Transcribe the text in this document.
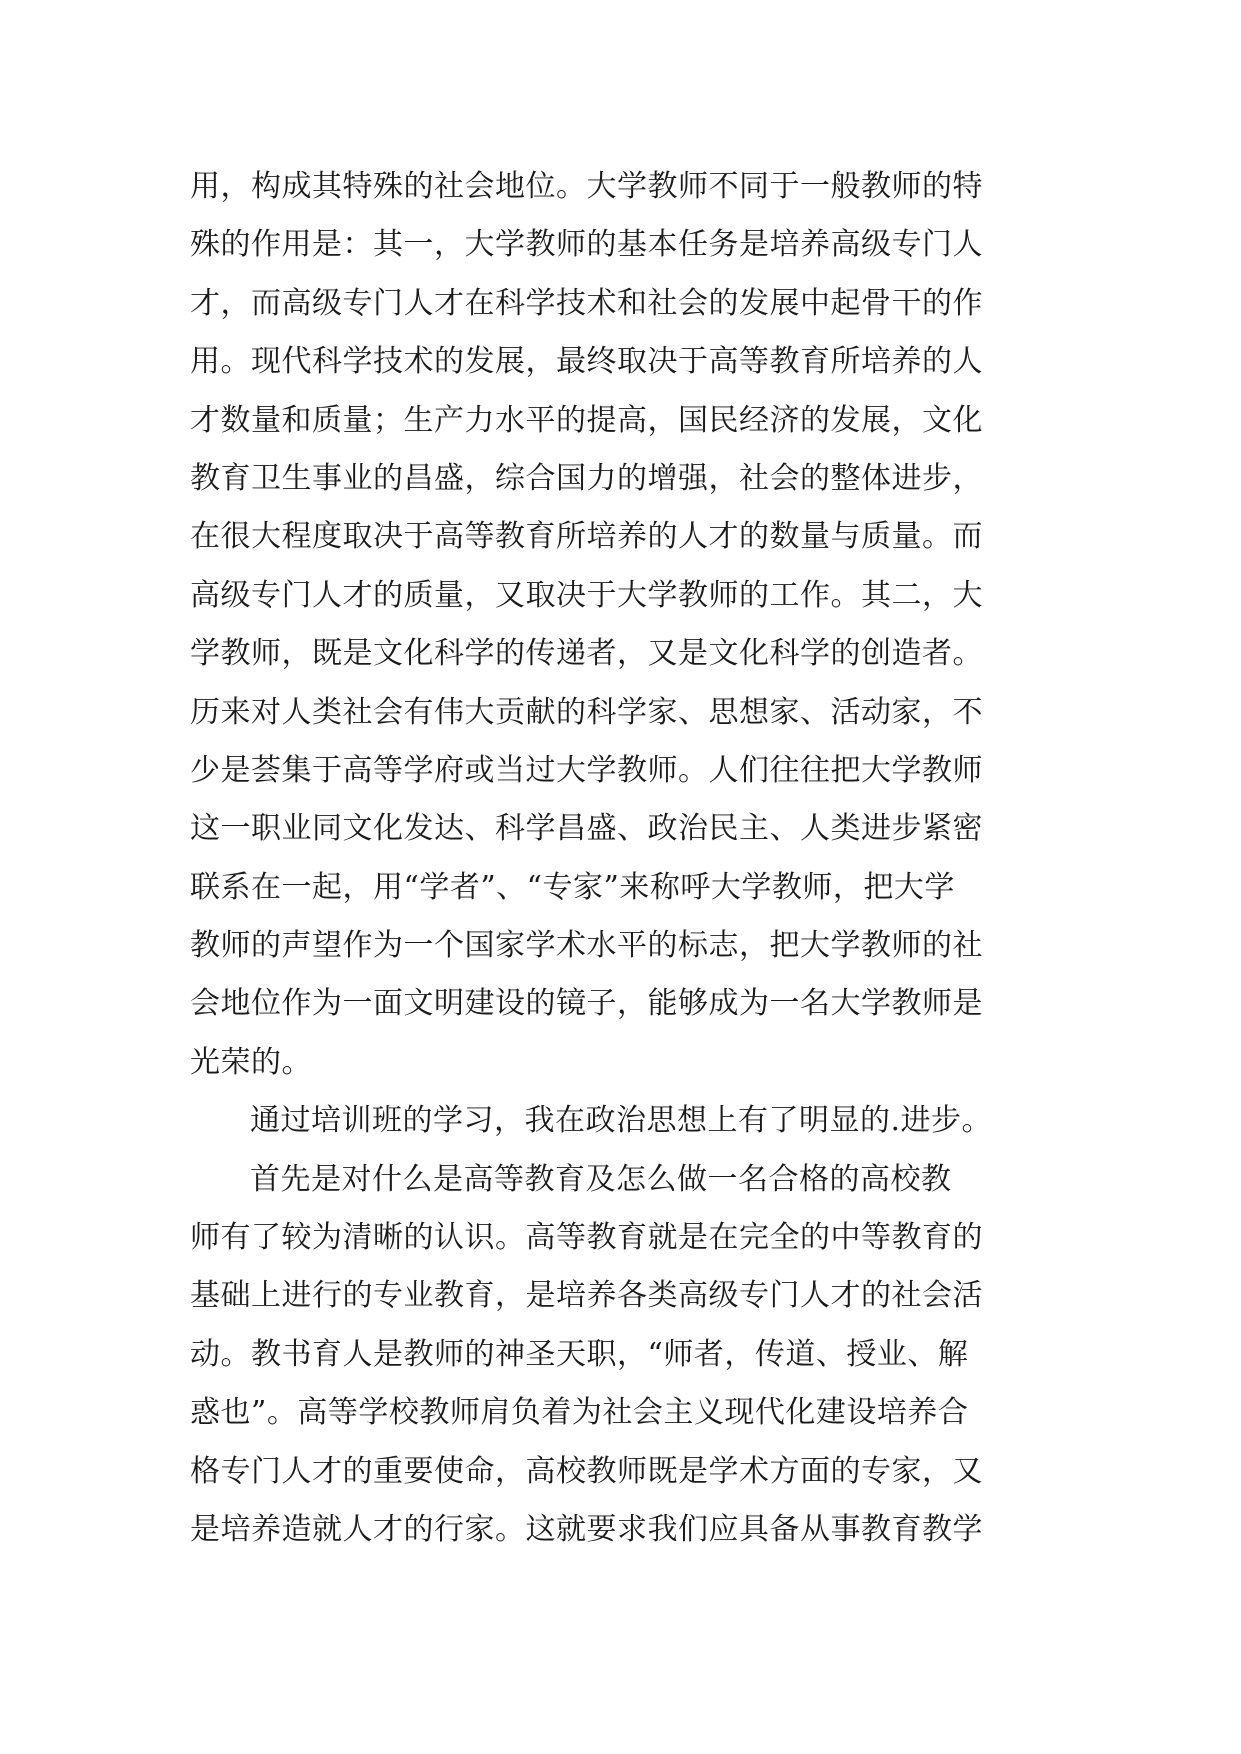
用，构成其特殊的社会地位。大学教师不同于一般教师的特
殊的作用是：其一，大学教师的基本任务是培养高级专门人
才，而高级专门人才在科学技术和社会的发展中起骨干的作
用。现代科学技术的发展，最终取决于高等教育所培养的人
才数量和质量；生产力水平的提高，国民经济的发展，文化
教育卫生事业的昌盛，综合国力的增强，社会的整体进步，
在很大程度取决于高等教育所培养的人才的数量与质量。而
高级专门人才的质量，又取决于大学教师的工作。其二，大
学教师，既是文化科学的传递者，又是文化科学的创造者。
历来对人类社会有伟大贡献的科学家、思想家、活动家，不
少是荟集于高等学府或当过大学教师。人们往往把大学教师
这一职业同文化发达、科学昌盛、政治民主、人类进步紧密
联系在一起，用“学者”、“专家”来称呼大学教师，把大学
教师的声望作为一个国家学术水平的标志，把大学教师的社
会地位作为一面文明建设的镜子，能够成为一名大学教师是
光荣的。
通过培训班的学习，我在政治思想上有了明显的.进步。
首先是对什么是高等教育及怎么做一名合格的高校教
师有了较为清晰的认识。高等教育就是在完全的中等教育的
基础上进行的专业教育，是培养各类高级专门人才的社会活
动。教书育人是教师的神圣天职，“师者，传道、授业、解
惑也”。高等学校教师肩负着为社会主义现代化建设培养合
格专门人才的重要使命，高校教师既是学术方面的专家，又
是培养造就人才的行家。这就要求我们应具备从事教育教学
